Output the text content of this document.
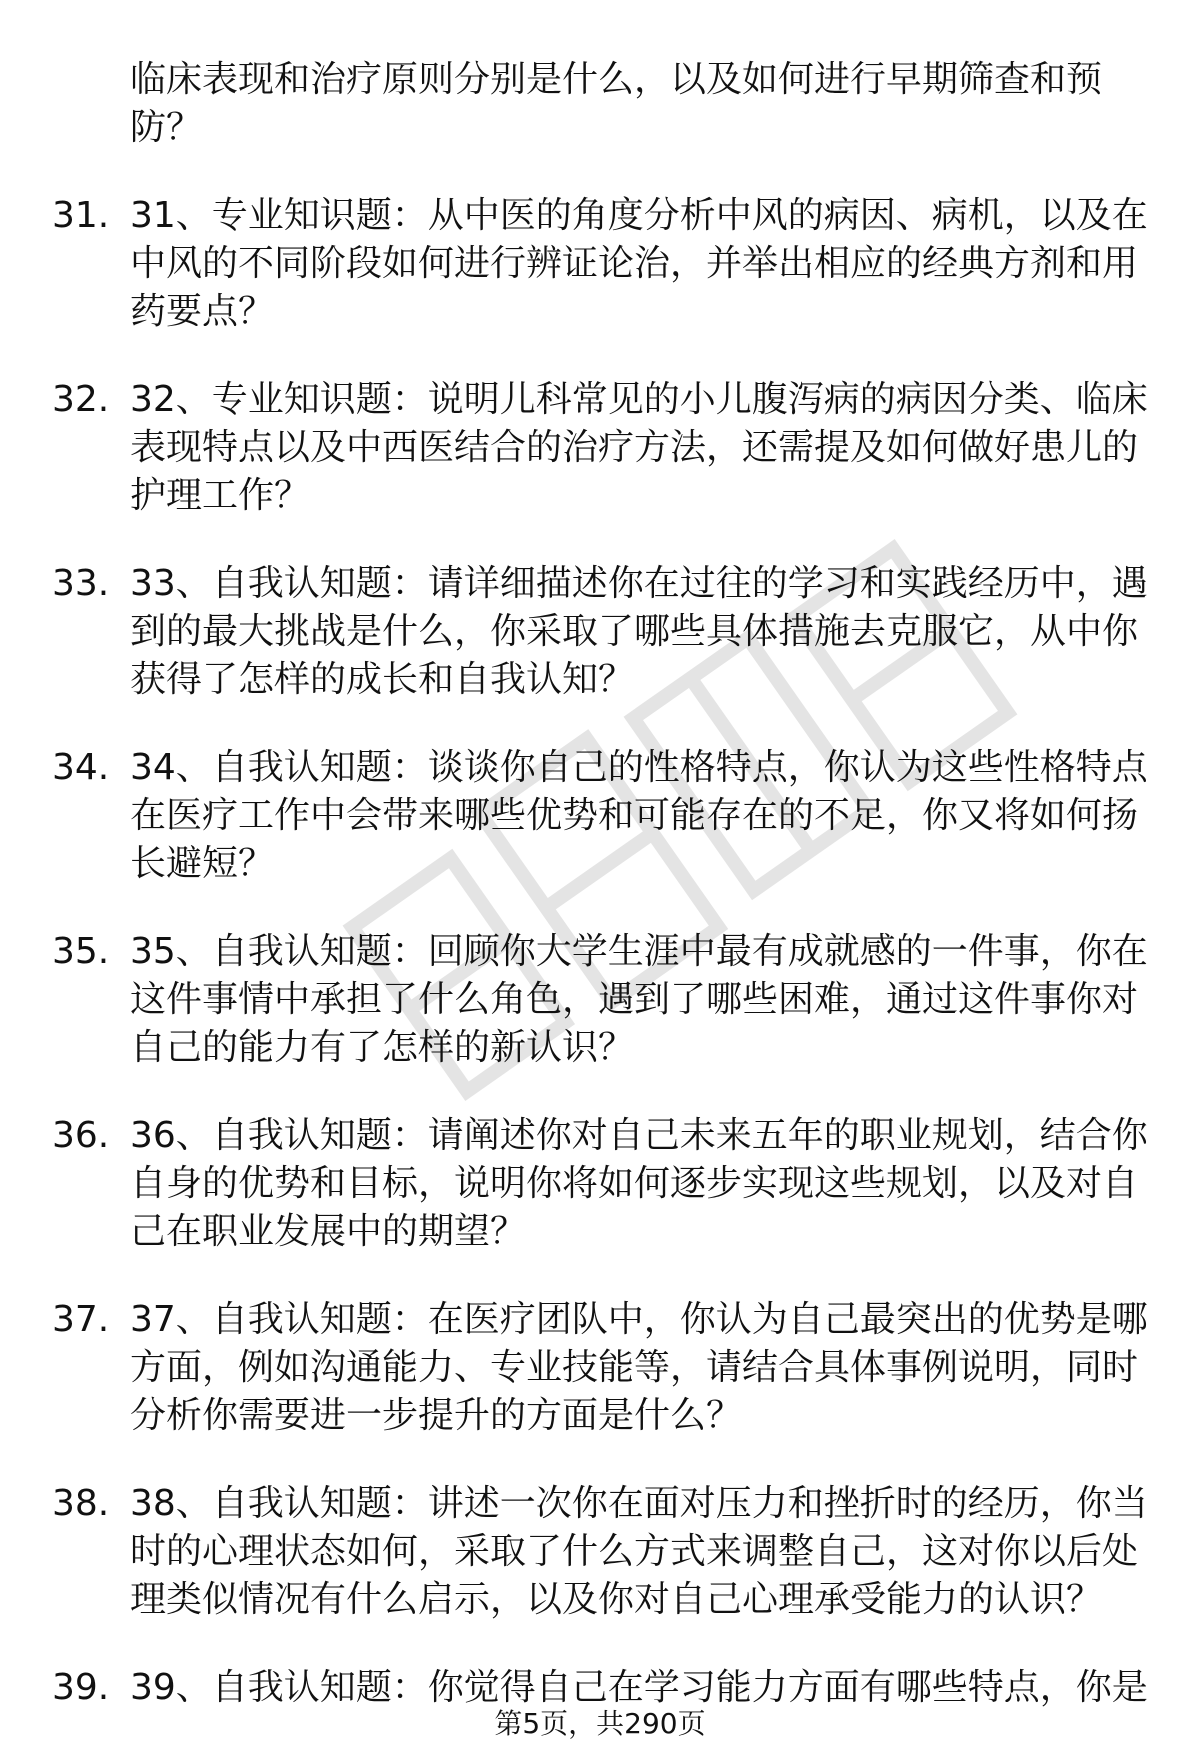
临床表现和治疗原则分别是什么，以及如何进行早期筛查和预防？
31. 31、专业知识题：从中医的角度分析中风的病因、病机，以及在中风的不同阶段如何进行辨证论治，并举出相应的经典方剂和用药要点？
32. 32、专业知识题：说明儿科常见的小儿腹泻病的病因分类、临床表现特点以及中西医结合的治疗方法，还需提及如何做好患儿的护理工作？
33. 33、自我认知题：请详细描述你在过往的学习和实践经历中，遇到的最大挑战是什么，你采取了哪些具体措施去克服它，从中你获得了怎样的成长和自我认知？
34. 34、自我认知题：谈谈你自己的性格特点，你认为这些性格特点在医疗工作中会带来哪些优势和可能存在的不足，你又将如何扬长避短？
35. 35、自我认知题：回顾你大学生涯中最有成就感的一件事，你在这件事情中承担了什么角色，遇到了哪些困难，通过这件事你对自己的能力有了怎样的新认识？
36. 36、自我认知题：请阐述你对自己未来五年的职业规划，结合你自身的优势和目标，说明你将如何逐步实现这些规划，以及对自己在职业发展中的期望？
37. 37、自我认知题：在医疗团队中，你认为自己最突出的优势是哪方面，例如沟通能力、专业技能等，请结合具体事例说明，同时分析你需要进一步提升的方面是什么？
38. 38、自我认知题：讲述一次你在面对压力和挫折时的经历，你当时的心理状态如何，采取了什么方式来调整自己，这对你以后处理类似情况有什么启示，以及你对自己心理承受能力的认识？
39. 39、自我认知题：你觉得自己在学习能力方面有哪些特点，你是
第5页，共290页
